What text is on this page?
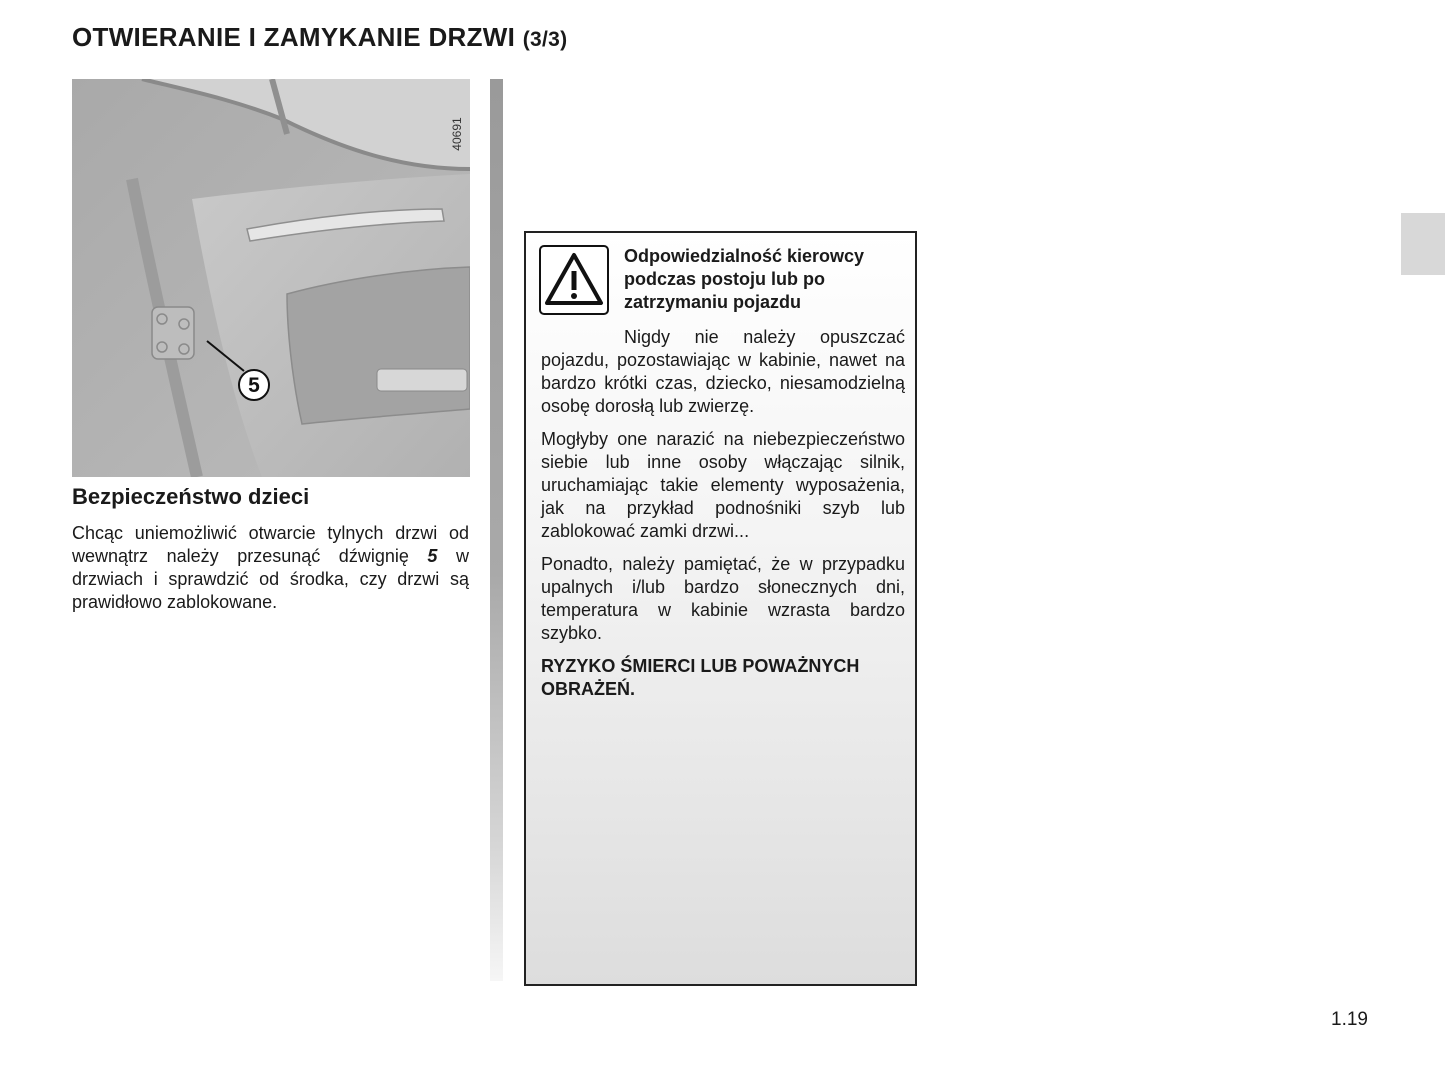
OTWIERANIE I ZAMYKANIE DRZWI (3/3)
5
40691
Bezpieczeństwo dzieci

Chcąc uniemożliwić otwarcie tylnych drzwi od wewnątrz należy przesunąć dźwignię 5 w drzwiach i sprawdzić od środka, czy drzwi są prawidłowo zablokowane.

Odpowiedzialność kierowcy podczas postoju lub po zatrzymaniu pojazdu

Nigdy nie należy opuszczać pojazdu, pozostawiając w kabinie, nawet na bardzo krótki czas, dziecko, niesamodzielną osobę dorosłą lub zwierzę.

Mogłyby one narazić na niebezpieczeństwo siebie lub inne osoby włączając silnik, uruchamiając takie elementy wyposażenia, jak na przykład podnośniki szyb lub zablokować zamki drzwi...

Ponadto, należy pamiętać, że w przypadku upalnych i/lub bardzo słonecznych dni, temperatura w kabinie wzrasta bardzo szybko.

RYZYKO ŚMIERCI LUB POWAŻNYCH OBRAŻEŃ.

1.19
